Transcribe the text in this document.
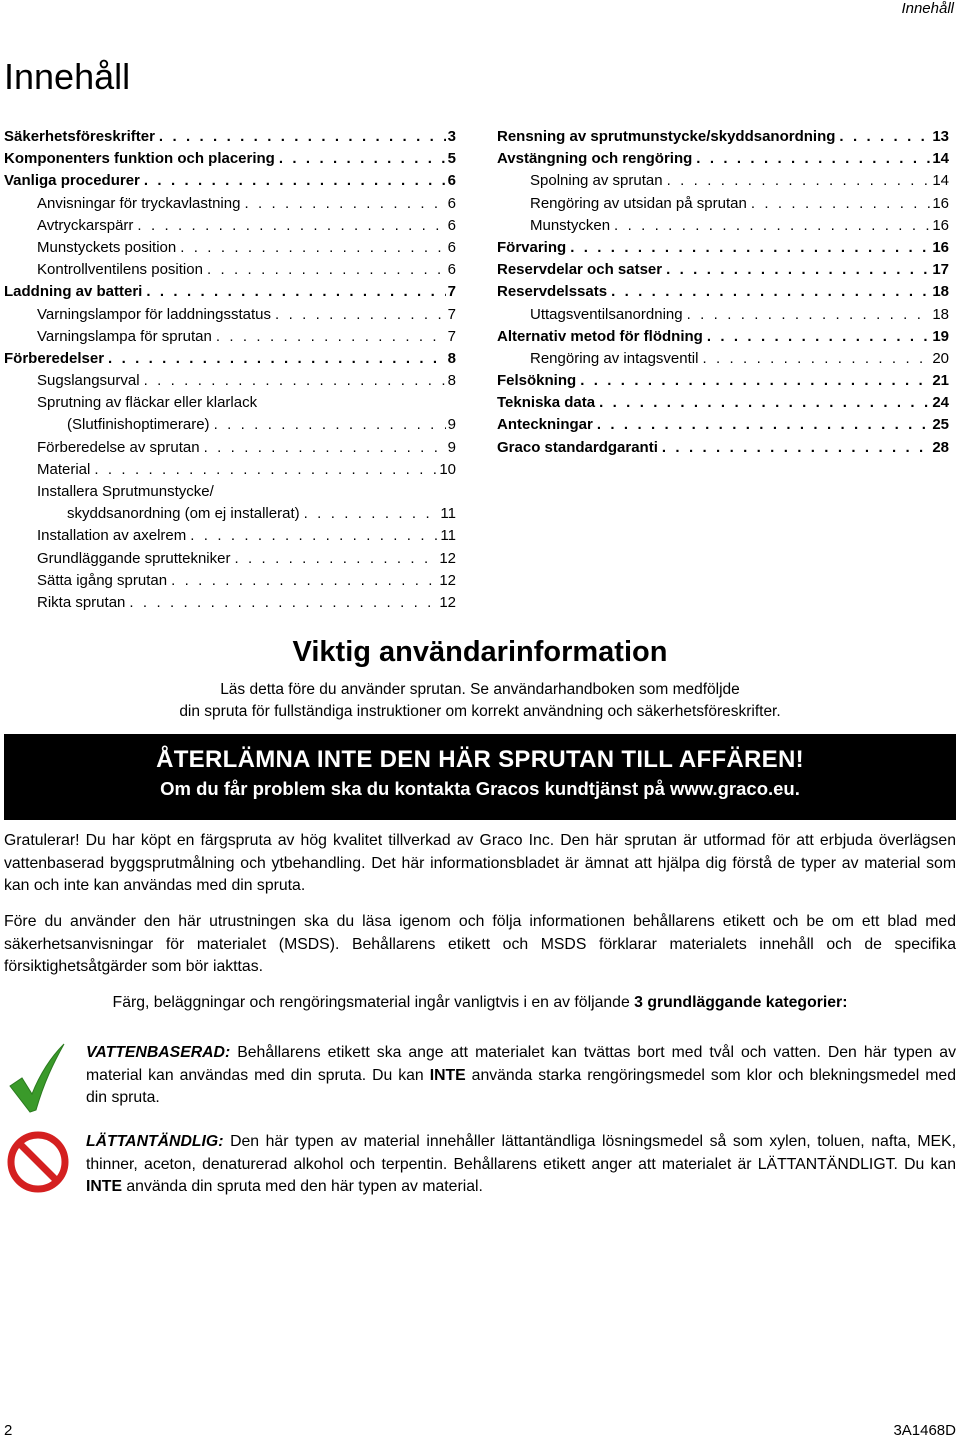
Innehåll
Innehåll
Säkerhetsföreskrifter . . .	3
Komponenters funktion och placering . . .	5
Vanliga procedurer . . .	6
Anvisningar för tryckavlastning . . .	6
Avtryckarspärr . . .	6
Munstyckets position . . .	6
Kontrollventilens position . . .	6
Laddning av batteri . . .	7
Varningslampor för laddningsstatus . . .	7
Varningslampa för sprutan . . .	7
Förberedelser . . .	8
Sugslangsurval . . .	8
Sprutning av fläckar eller klarlack
(Slutfinishoptimerare) . . .	9
Förberedelse av sprutan . . .	9
Material . . .	10
Installera Sprutmunstycke/
skyddsanordning (om ej installerat) . . .	11
Installation av axelrem . . .	11
Grundläggande spruttekniker . . .	12
Sätta igång sprutan . . .	12
Rikta sprutan . . .	12
Rensning av sprutmunstycke/skyddsanordning . . .	13
Avstängning och rengöring . . .	14
Spolning av sprutan . . .	14
Rengöring av utsidan på sprutan . . .	16
Munstycken . . .	16
Förvaring . . .	16
Reservdelar och satser . . .	17
Reservdelssats . . .	18
Uttagsventilsanordning . . .	18
Alternativ metod för flödning . . .	19
Rengöring av intagsventil . . .	20
Felsökning . . .	21
Tekniska data . . .	24
Anteckningar . . .	25
Graco standardgaranti . . .	28
Viktig användarinformation

Läs detta före du använder sprutan. Se användarhandboken som medföljde
din spruta för fullständiga instruktioner om korrekt användning och säkerhetsföreskrifter.

ÅTERLÄMNA INTE DEN HÄR SPRUTAN TILL AFFÄREN!
Om du får problem ska du kontakta Gracos kundtjänst på www.graco.eu.

Gratulerar! Du har köpt en färgspruta av hög kvalitet tillverkad av Graco Inc. Den här sprutan är utformad för att erbjuda överlägsen vattenbaserad byggsprutmålning och ytbehandling. Det här informationsbladet är ämnat att hjälpa dig förstå de typer av material som kan och inte kan användas med din spruta.

Före du använder den här utrustningen ska du läsa igenom och följa informationen behållarens etikett och be om ett blad med säkerhetsanvisningar för materialet (MSDS). Behållarens etikett och MSDS förklarar materialets innehåll och de specifika försiktighetsåtgärder som bör iakttas.

Färg, beläggningar och rengöringsmaterial ingår vanligtvis i en av följande 3 grundläggande kategorier:

VATTENBASERAD: Behållarens etikett ska ange att materialet kan tvättas bort med tvål och vatten. Den här typen av material kan användas med din spruta. Du kan INTE använda starka rengöringsmedel som klor och blekningsmedel med din spruta.

LÄTTANTÄNDLIG: Den här typen av material innehåller lättantändliga lösningsmedel så som xylen, toluen, nafta, MEK, thinner, aceton, denaturerad alkohol och terpentin. Behållarens etikett anger att materialet är LÄTTANTÄNDLIGT. Du kan INTE använda din spruta med den här typen av material.

2	3A1468D
